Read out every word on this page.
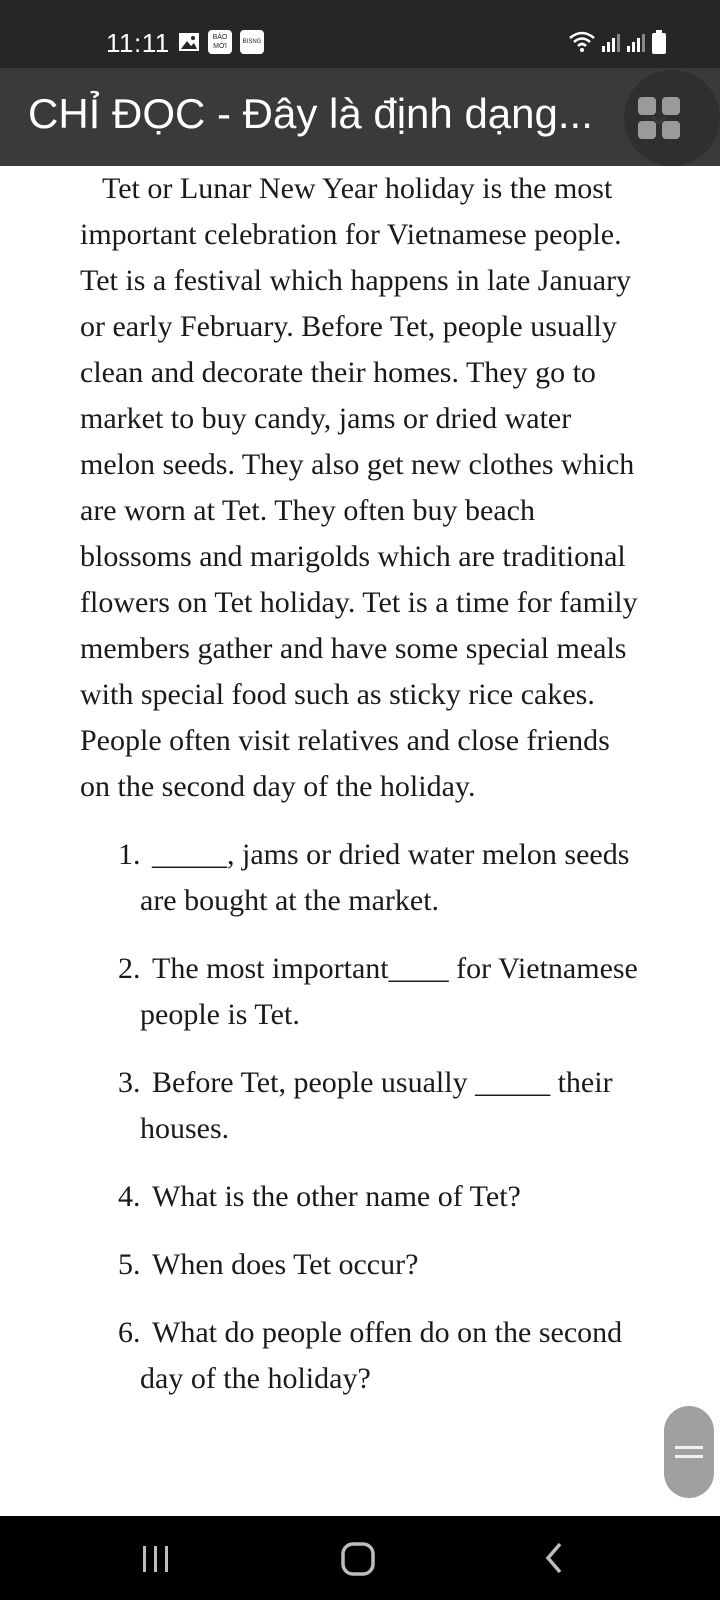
11:11	BÁO MỚI
BISNG
CHỈ ĐỌC - Đây là định dạng...

Tet or Lunar New Year holiday is the most important celebration for Vietnamese people. Tet is a festival which happens in late January or early February. Before Tet, people usually clean and decorate their homes. They go to market to buy candy, jams or dried water melon seeds. They also get new clothes which are worn at Tet. They often buy beach blossoms and marigolds which are traditional flowers on Tet holiday. Tet is a time for family members gather and have some special meals with special food such as sticky rice cakes. People often visit relatives and close friends on the second day of the holiday.

1. _____, jams or dried water melon seeds are bought at the market.
2. The most important____ for Vietnamese people is Tet.
3. Before Tet, people usually _____ their houses.
4. What is the other name of Tet?
5. When does Tet occur?
6. What do people offen do on the second day of the holiday?
